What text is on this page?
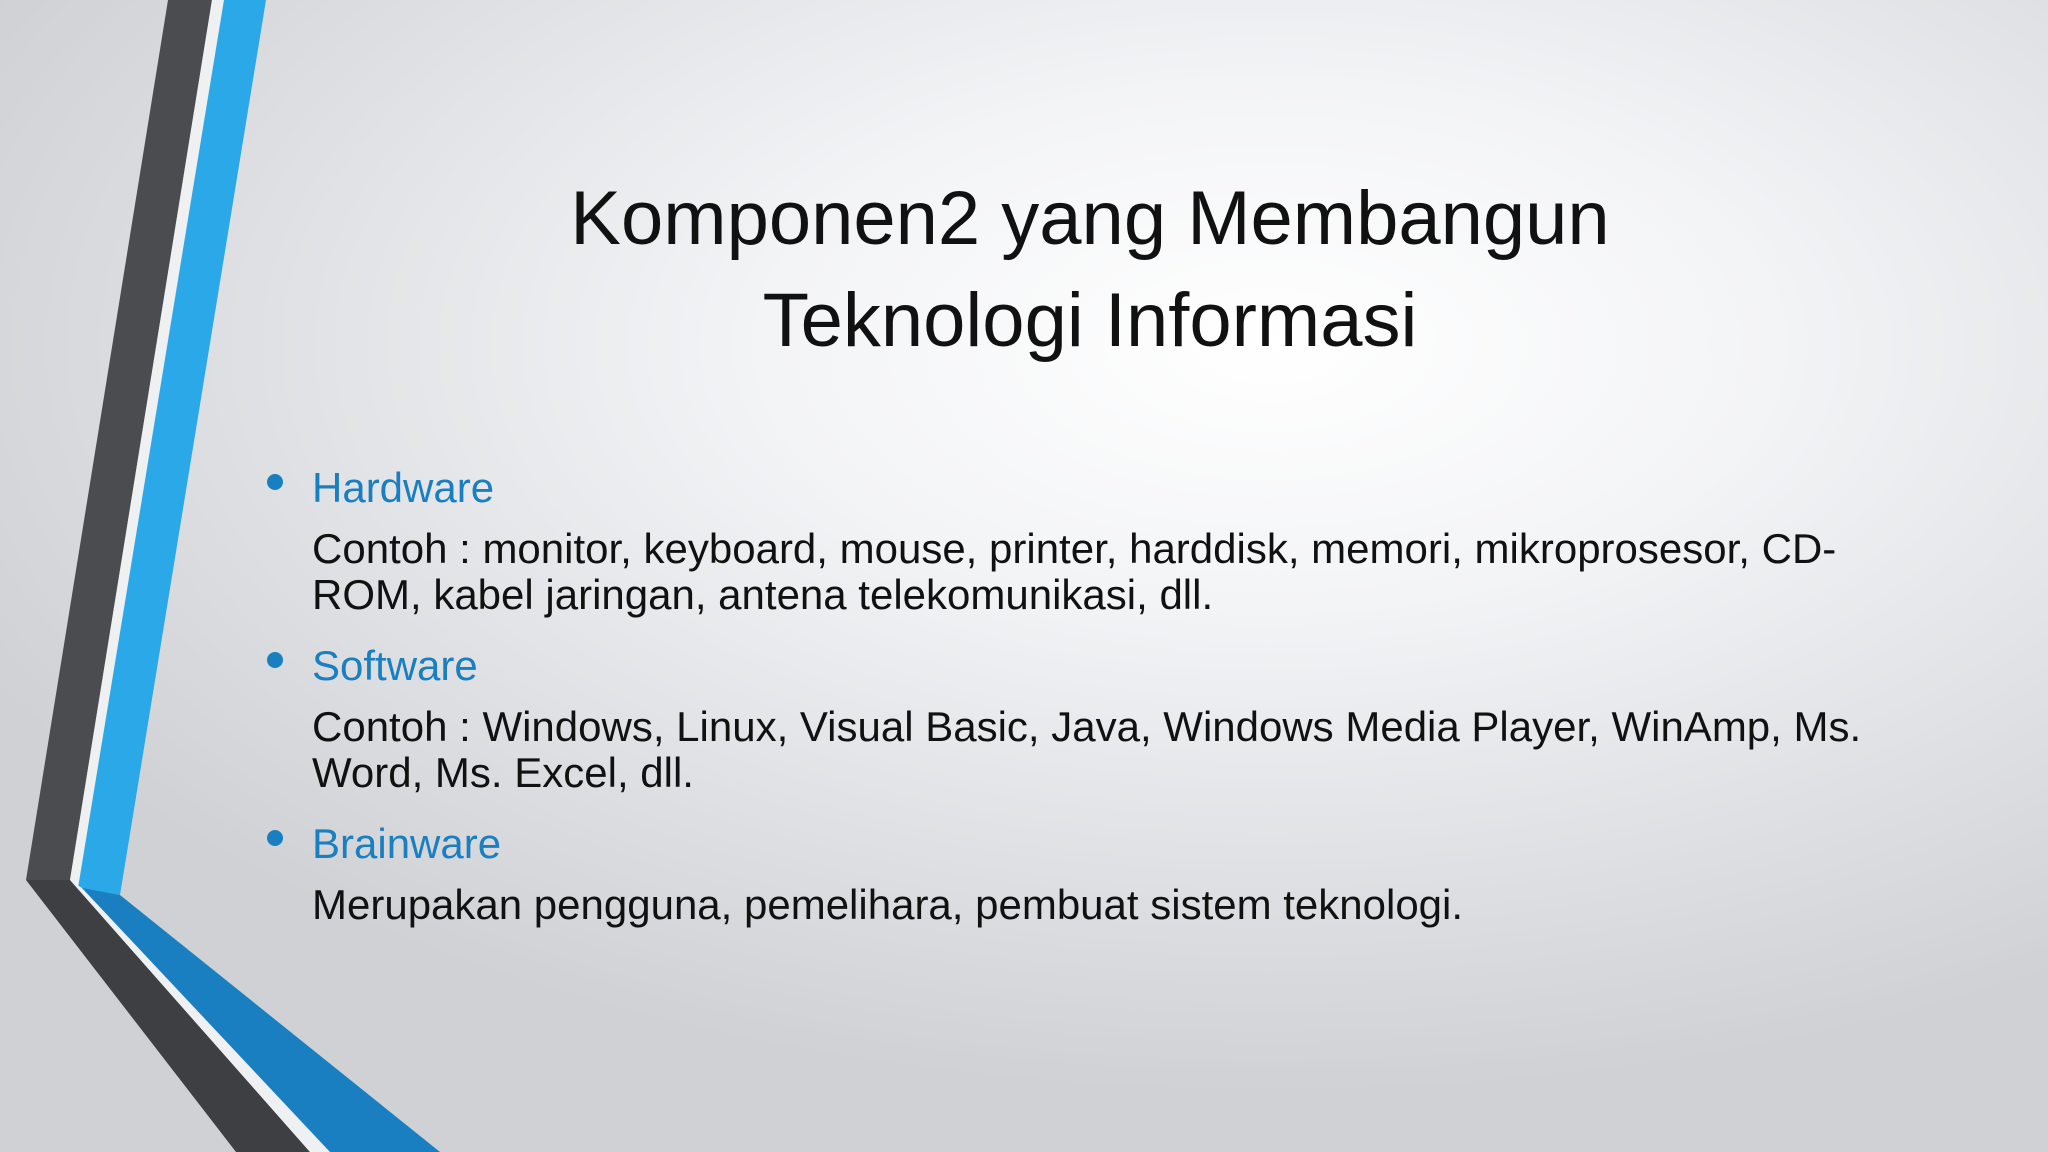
Komponen2 yang Membangun
Teknologi Informasi
Hardware
Contoh : monitor, keyboard, mouse, printer, harddisk, memori, mikroprosesor, CD-ROM, kabel jaringan, antena telekomunikasi, dll.
Software
Contoh : Windows, Linux, Visual Basic, Java, Windows Media Player, WinAmp, Ms. Word, Ms. Excel, dll.
Brainware
Merupakan pengguna, pemelihara, pembuat sistem teknologi.
